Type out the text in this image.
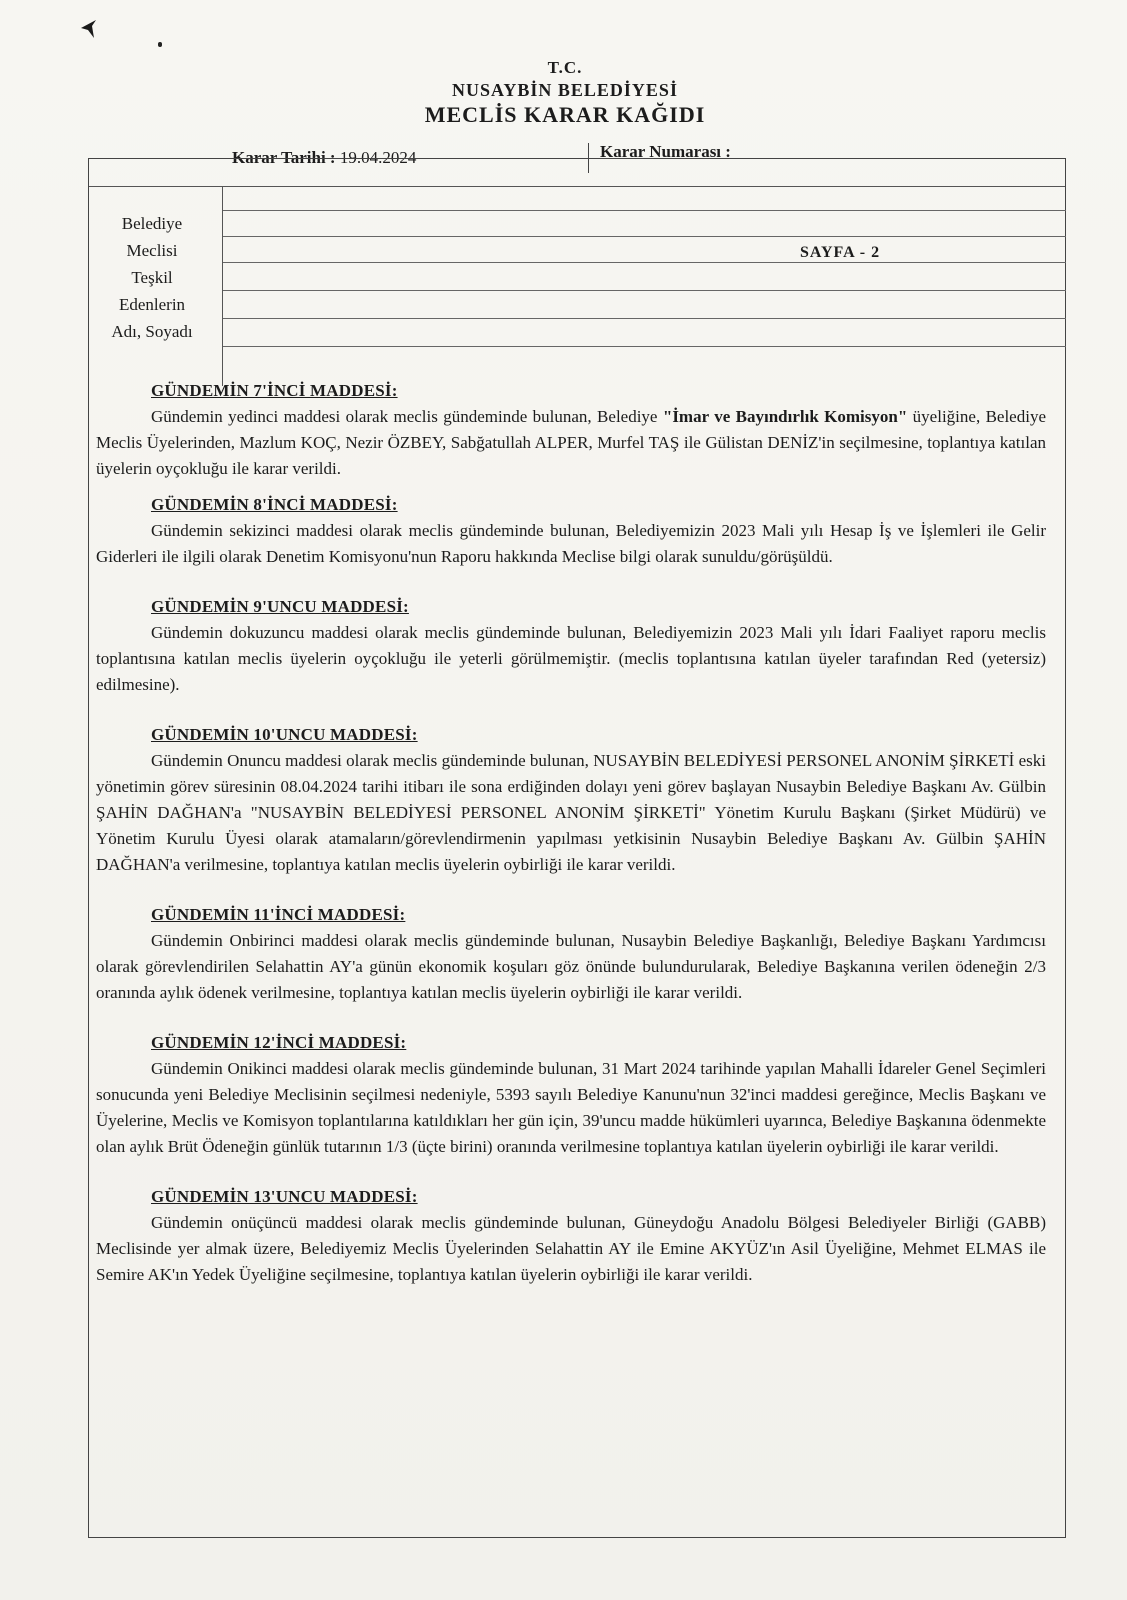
T.C.
NUSAYBİN BELEDİYESİ
MECLİS KARAR KAĞIDI
Karar Tarihi : 19.04.2024	Karar Numarası :
Belediye
Meclisi
Teşkil
Edenlerin
Adı, Soyadı
SAYFA - 2
GÜNDEMİN 7'İNCİ MADDESİ:
Gündemin yedinci maddesi olarak meclis gündeminde bulunan, Belediye "İmar ve Bayındırlık Komisyon" üyeliğine, Belediye Meclis Üyelerinden, Mazlum KOÇ, Nezir ÖZBEY, Sabğatullah ALPER, Murfel TAŞ ile Gülistan DENİZ'in seçilmesine, toplantıya katılan üyelerin oyçokluğu ile karar verildi.
GÜNDEMİN 8'İNCİ MADDESİ:
Gündemin sekizinci maddesi olarak meclis gündeminde bulunan, Belediyemizin 2023 Mali yılı Hesap İş ve İşlemleri ile Gelir Giderleri ile ilgili olarak Denetim Komisyonu'nun Raporu hakkında Meclise bilgi olarak sunuldu/görüşüldü.
GÜNDEMİN 9'UNCU MADDESİ:
Gündemin dokuzuncu maddesi olarak meclis gündeminde bulunan, Belediyemizin 2023 Mali yılı İdari Faaliyet raporu meclis toplantısına katılan meclis üyelerin oyçokluğu ile yeterli görülmemiştir. (meclis toplantısına katılan üyeler tarafından Red (yetersiz) edilmesine).
GÜNDEMİN 10'UNCU MADDESİ:
Gündemin Onuncu maddesi olarak meclis gündeminde bulunan, NUSAYBİN BELEDİYESİ PERSONEL ANONİM ŞİRKETİ eski yönetimin görev süresinin 08.04.2024 tarihi itibarı ile sona erdiğinden dolayı yeni görev başlayan Nusaybin Belediye Başkanı Av. Gülbin ŞAHİN DAĞHAN'a "NUSAYBİN BELEDİYESİ PERSONEL ANONİM ŞİRKETİ" Yönetim Kurulu Başkanı (Şirket Müdürü) ve Yönetim Kurulu Üyesi olarak atamaların/görevlendirmenin yapılması yetkisinin Nusaybin Belediye Başkanı Av. Gülbin ŞAHİN DAĞHAN'a verilmesine, toplantıya katılan meclis üyelerin oybirliği ile karar verildi.
GÜNDEMİN 11'İNCİ MADDESİ:
Gündemin Onbirinci maddesi olarak meclis gündeminde bulunan, Nusaybin Belediye Başkanlığı, Belediye Başkanı Yardımcısı olarak görevlendirilen Selahattin AY'a günün ekonomik koşuları göz önünde bulundurularak, Belediye Başkanına verilen ödeneğin 2/3 oranında aylık ödenek verilmesine, toplantıya katılan meclis üyelerin oybirliği ile karar verildi.
GÜNDEMİN 12'İNCİ MADDESİ:
Gündemin Onikinci maddesi olarak meclis gündeminde bulunan, 31 Mart 2024 tarihinde yapılan Mahalli İdareler Genel Seçimleri sonucunda yeni Belediye Meclisinin seçilmesi nedeniyle, 5393 sayılı Belediye Kanunu'nun 32'inci maddesi gereğince, Meclis Başkanı ve Üyelerine, Meclis ve Komisyon toplantılarına katıldıkları her gün için, 39'uncu madde hükümleri uyarınca, Belediye Başkanına ödenmekte olan aylık Brüt Ödeneğin günlük tutarının 1/3 (üçte birini) oranında verilmesine toplantıya katılan üyelerin oybirliği ile karar verildi.
GÜNDEMİN 13'UNCU MADDESİ:
Gündemin onüçüncü maddesi olarak meclis gündeminde bulunan, Güneydoğu Anadolu Bölgesi Belediyeler Birliği (GABB) Meclisinde yer almak üzere, Belediyemiz Meclis Üyelerinden Selahattin AY ile Emine AKYÜZ'ın Asil Üyeliğine, Mehmet ELMAS ile Semire AK'ın Yedek Üyeliğine seçilmesine, toplantıya katılan üyelerin oybirliği ile karar verildi.
